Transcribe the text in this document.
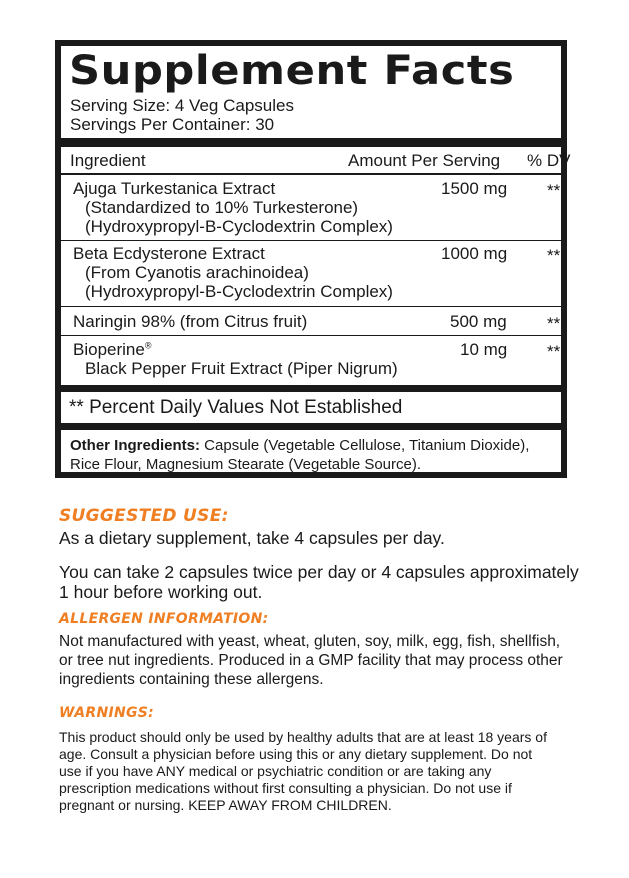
Supplement Facts
Serving Size: 4 Veg Capsules
Servings Per Container: 30
Ingredient	Amount Per Serving % DV
Ajuga Turkestanica Extract
(Standardized to 10% Turkesterone)
(Hydroxypropyl-B-Cyclodextrin Complex)
1500 mg **
Beta Ecdysterone Extract
(From Cyanotis arachinoidea)
(Hydroxypropyl-B-Cyclodextrin Complex)
1000 mg **
Naringin 98% (from Citrus fruit)	500 mg **
Bioperine®
Black Pepper Fruit Extract (Piper Nigrum)
10 mg **
** Percent Daily Values Not Established
Other Ingredients: Capsule (Vegetable Cellulose, Titanium Dioxide), Rice Flour, Magnesium Stearate (Vegetable Source).
SUGGESTED USE:
As a dietary supplement, take 4 capsules per day.
You can take 2 capsules twice per day or 4 capsules approximately
1 hour before working out.
ALLERGEN INFORMATION:
Not manufactured with yeast, wheat, gluten, soy, milk, egg, fish, shellfish,
or tree nut ingredients. Produced in a GMP facility that may process other
ingredients containing these allergens.
WARNINGS:
This product should only be used by healthy adults that are at least 18 years of
age. Consult a physician before using this or any dietary supplement. Do not
use if you have ANY medical or psychiatric condition or are taking any
prescription medications without first consulting a physician. Do not use if
pregnant or nursing. KEEP AWAY FROM CHILDREN.
